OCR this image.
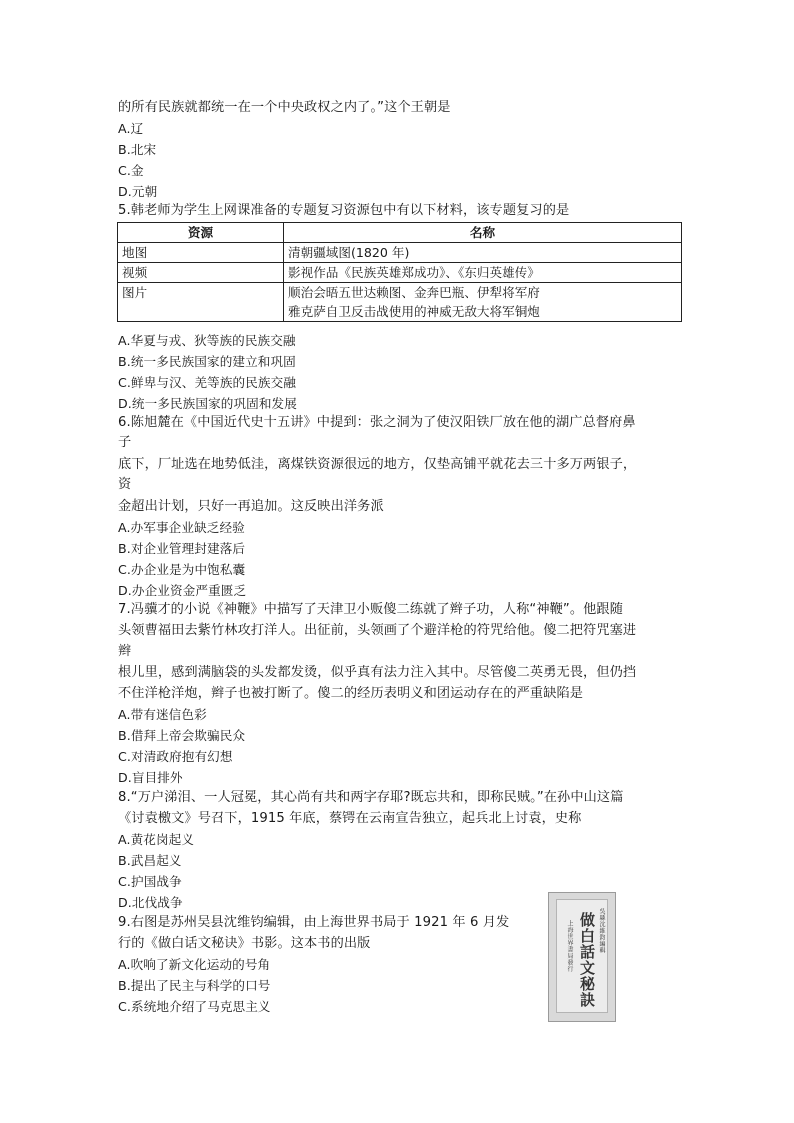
的所有民族就都统一在一个中央政权之内了。”这个王朝是
A.辽
B.北宋
C.金
D.元朝
5.韩老师为学生上网课准备的专题复习资源包中有以下材料，该专题复习的是
资源	名称
地图	清朝疆域图(1820 年)
视频	影视作品《民族英雄郑成功》、《东归英雄传》
图片	顺治会晤五世达赖图、金奔巴瓶、伊犁将军府
雅克萨自卫反击战使用的神威无敌大将军铜炮
A.华夏与戎、狄等族的民族交融
B.统一多民族国家的建立和巩固
C.鲜卑与汉、羌等族的民族交融
D.统一多民族国家的巩固和发展
6.陈旭麓在《中国近代史十五讲》中提到：张之洞为了使汉阳铁厂放在他的湖广总督府鼻
子
底下，厂址选在地势低洼，离煤铁资源很远的地方，仅垫高铺平就花去三十多万两银子，
资
金超出计划，只好一再追加。这反映出洋务派
A.办军事企业缺乏经验
B.对企业管理封建落后
C.办企业是为中饱私囊
D.办企业资金严重匮乏
7.冯骥才的小说《神鞭》中描写了天津卫小贩傻二练就了辫子功，人称“神鞭”。他跟随
头领曹福田去紫竹林攻打洋人。出征前，头领画了个避洋枪的符咒给他。傻二把符咒塞进
辫
根儿里，感到满脑袋的头发都发烫，似乎真有法力注入其中。尽管傻二英勇无畏，但仍挡
不住洋枪洋炮，辫子也被打断了。傻二的经历表明义和团运动存在的严重缺陷是
A.带有迷信色彩
B.借拜上帝会欺骗民众
C.对清政府抱有幻想
D.盲目排外
8.“万户涕泪、一人冠冕，其心尚有共和两字存耶?既忘共和，即称民贼。”在孙中山这篇
《讨袁檄文》号召下，1915 年底，蔡锷在云南宣告独立，起兵北上讨袁，史称
A.黄花岗起义
B.武昌起义
C.护国战争
D.北伐战争
9.右图是苏州吴县沈维钧编辑，由上海世界书局于 1921 年 6 月发
行的《做白话文秘诀》书影。这本书的出版
A.吹响了新文化运动的号角
B.提出了民主与科学的口号
C.系统地介绍了马克思主义
吳縣沈維鈞編輯
做白話文秘訣
上海世界書局發行
